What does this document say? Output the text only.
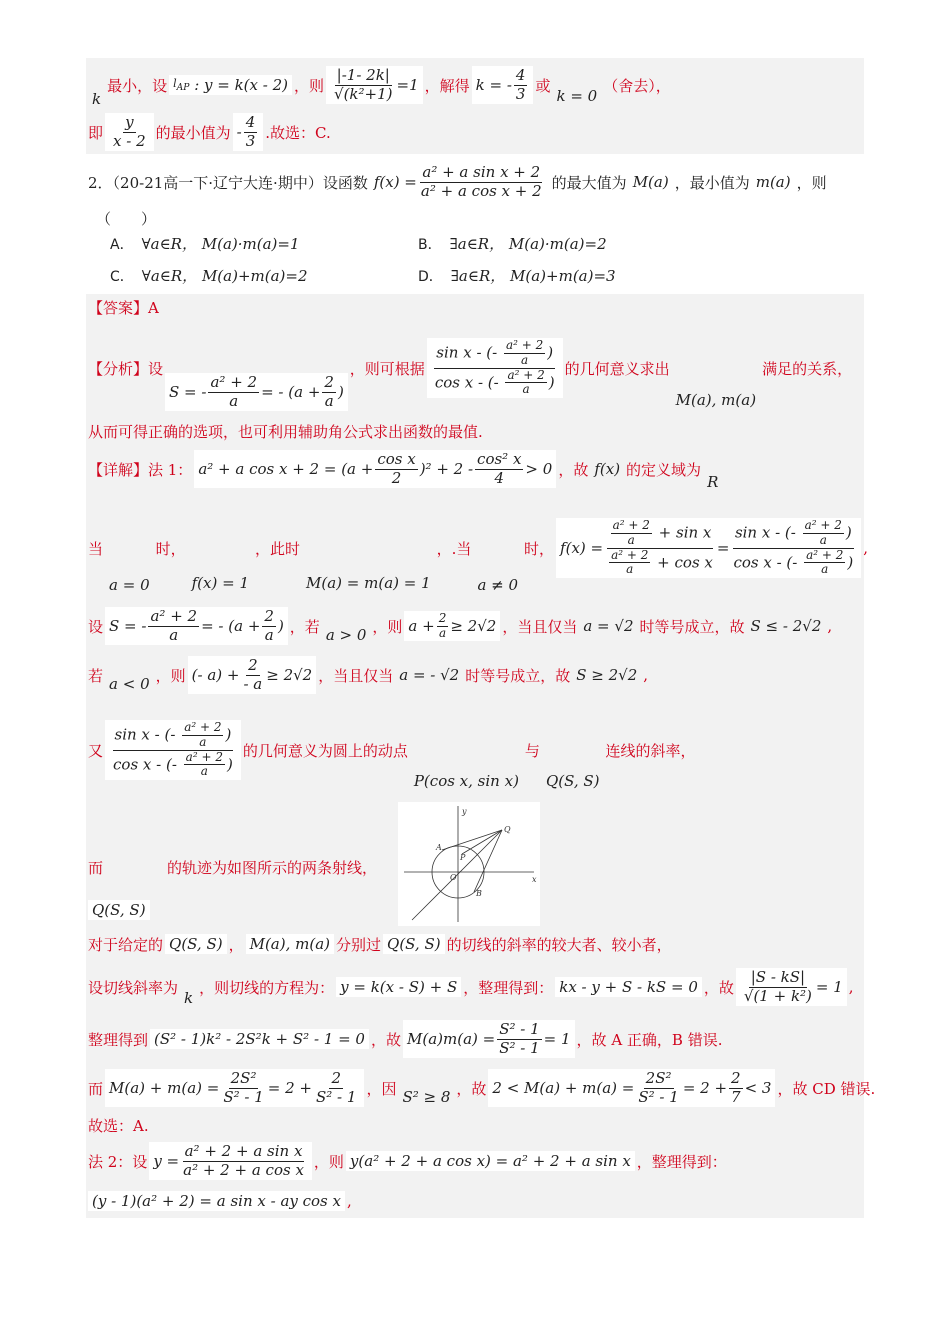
k
最小，设 $l_{AP}$ : y = k(x - 2) ，则 $\frac{|-1- 2k|}{\text{√(k²+1)}} =1$ ，解得 k = - $\frac{4}{3}$ 或
k = 0
（舍去），
即 $\frac{y}{x - 2}$ 的最小值为 - $\frac{4}{3}$ .故选：C.
2．（20-21高一下·辽宁大连·期中）设函数 $f(x) = \frac{\text{a² + a sin x + 2}}{\text{a² + a cos x + 2}}$ 的最大值为 M(a) ，最小值为 m(a) ，则
（　　）
A． ∀a∈R， M(a)·m(a)=1	B． ∃a∈R， M(a)·m(a)=2
C． ∀a∈R， M(a)+m(a)=2	D． ∃a∈R， M(a)+m(a)=3
【答案】A
【分析】设
S = - $\frac{\text{a² + 2}}{a}$ = - ($a + \frac{2}{a}$ )
，则可根据 $\frac{\sin x - (- \frac{\text{a² + 2}}{a} )}{\cos x - (- \frac{\text{a² + 2}}{a} )}$ 的几何意义求出
M(a), m(a)
满足的关系，
从而可得正确的选项，也可利用辅助角公式求出函数的最值.
【详解】法 1： a² + a $\cos x + 2 = (a + \frac{\text{cos x}}{2} )^2 + 2 - \frac{\text{cos² x}}{4} > 0$ ，故 f(x) 的定义域为
R
当
a = 0
时，
f(x) = 1
，此时
M(a) = m(a) = 1
，.当
a ≠ 0
时， $f(x) = \frac{\frac{\text{a² + 2}}{a} + \sin x}{\frac{\text{a² + 2}}{a} + \cos x} = \frac{\sin x - (- \frac{\text{a² + 2}}{a} )}{\cos x - (- \frac{\text{a² + 2}}{a} )}$ ,
设 S = - $\frac{\text{a² + 2}}{a}$ = - ($a + \frac{2}{a}$ ) ，若 a > 0 ，则 $a + \frac{2}{a} \ge 2√2$ ，当且仅当 a = √2 时等号成立，故 S ≤ - 2√2 ,
若 a < 0 ，则 (- $a) + \frac{2}{- a} \ge 2√2$ ，当且仅当 a = - √2 时等号成立，故 S ≥ 2√2 ,
又 $\frac{\sin x - (- \frac{\text{a² + 2}}{a} )}{\cos x - (- \frac{\text{a² + 2}}{a} )}$ 的几何意义为圆上的动点
P(cos x, sin x)
与
Q(S, S)
连线的斜率，
y
x
Q
A
P
O
B
而	的轨迹为如图所示的两条射线，
Q(S, S)
对于给定的 Q(S, S) ， M(a), m(a) 分别过 Q(S, S) 的切线的斜率的较大者、较小者，
设切线斜率为
k
，则切线的方程为： y = k(x - S) + S ，整理得到： kx - y + S - kS = 0 ，故 $\frac{|S - kS|}{\text{√(1 + k²)}} = 1$ ,
整理得到 (S² - 1)k² - 2S²k + S² - 1 = 0 ，故 $M(a)m(a) = \frac{\text{S² - 1}}{\text{S² - 1}} = 1$ ，故 A 正确，B 错误.
而 $M(a) + m(a) = \frac{\text{2S²}}{\text{S² - 1}} = 2 + \frac{2}{\text{S² - 1}}$ ，因 S² ≥ 8 ，故 $2 < M(a) + m(a) = \frac{\text{2S²}}{\text{S² - 1}} = 2 + \frac{2}{7} < 3$ ，故 CD 错误.
故选：A.
法 2：设 $y = \frac{\text{a² + 2 + a sin x}}{\text{a² + 2 + a cos x}}$ ，则 y(a² + 2 + a cos x) = a² + 2 + a sin x ，整理得到：
(y - 1)(a² + 2) = a sin x - ay cos x ,
